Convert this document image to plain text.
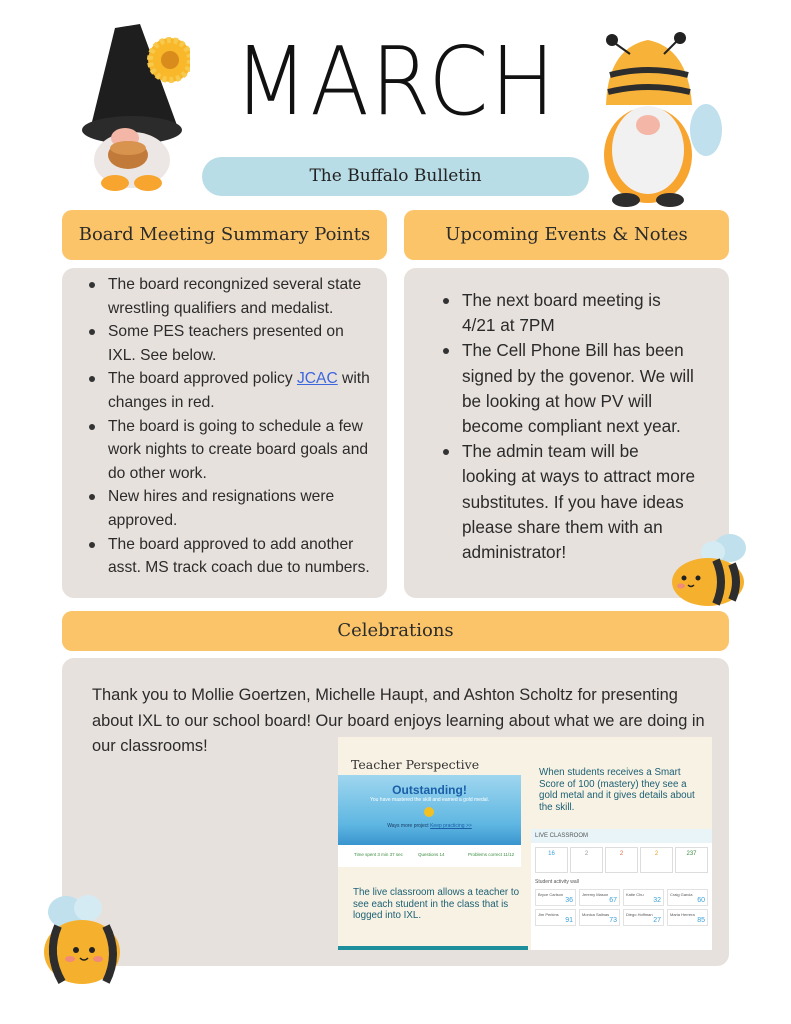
MARCH
The Buffalo Bulletin
Board Meeting Summary Points
The board recongnized several state wrestling qualifiers and medalist.
Some PES teachers presented on IXL. See below.
The board approved policy JCAC with changes in red.
The board is going to schedule a few work nights to create board goals and do other work.
New hires and resignations were approved.
The board approved to add another asst. MS track coach due to numbers.
Upcoming Events & Notes
The next board meeting is 4/21 at 7PM
The Cell Phone Bill has been signed by the govenor. We will be looking at how PV will become compliant next year.
The admin team will be looking at ways to attract more substitutes. If you have ideas please share them with an administrator!
Celebrations
Thank you to Mollie Goertzen, Michelle Haupt, and Ashton Scholtz for presenting about IXL to our school board! Our board enjoys learning about what we are doing in our classrooms!
Teacher Perspective
Outstanding!
You have mastered the skill and earned a gold medal.
Ways more project Keep practicing >>
Time spent 3 min 37 sec	Questions 14	Problems correct 11/12
When students receives a Smart Score of 100 (mastery) they see a gold metal and it gives details about the skill.
The live classroom allows a teacher to see each student in the class that is logged into IXL.
LIVE CLASSROOM
16	2	2	2	237
Student activity wall
Bryce Carlson
36
Jeremy Mason
67
Katie Chu
32
Craig Garcia
60
Jim Perkins
91
Monica Salinas
73
Diego Hoffman
27
Maria Herrera
85
